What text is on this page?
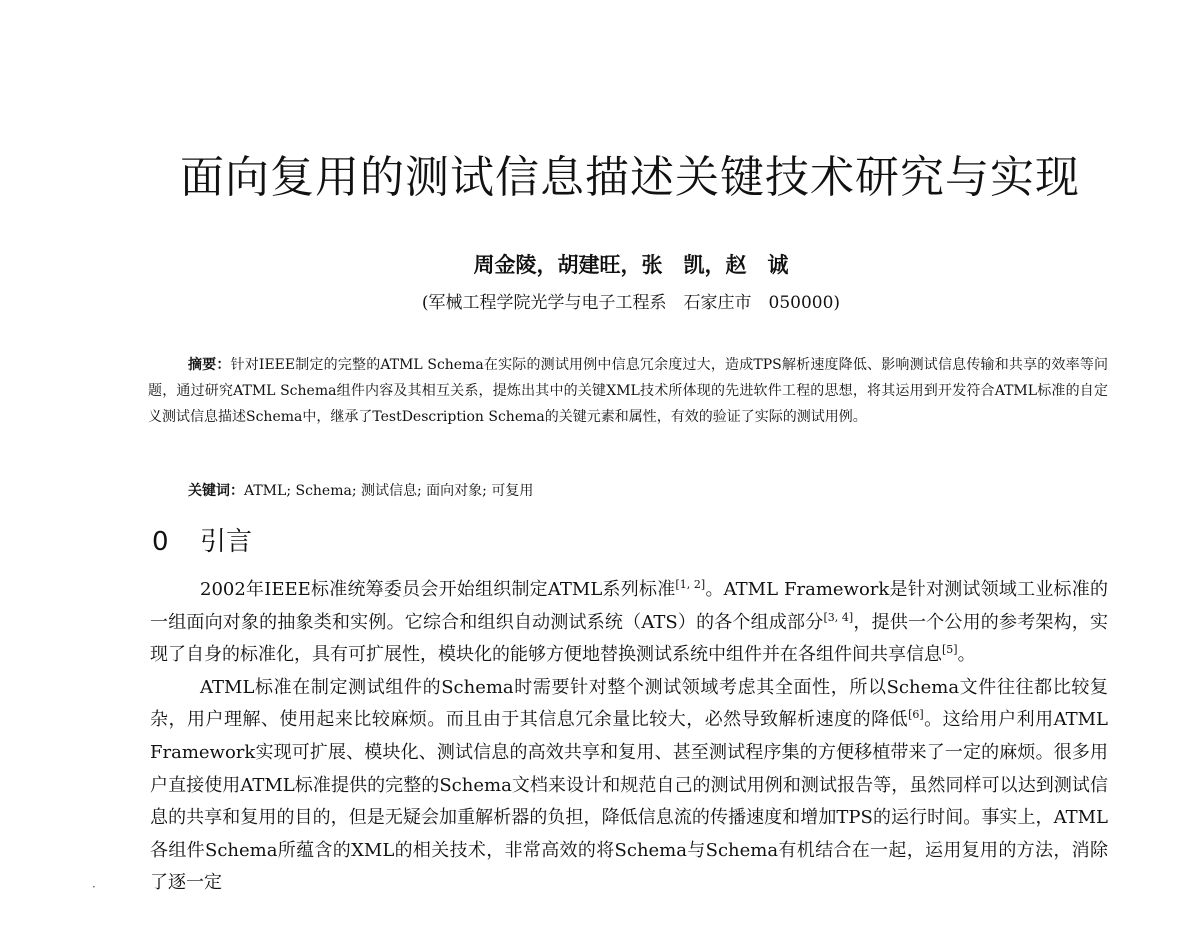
面向复用的测试信息描述关键技术研究与实现
周金陵，胡建旺，张　凯，赵　诚
(军械工程学院光学与电子工程系　石家庄市　050000)

摘要：针对IEEE制定的完整的ATML Schema在实际的测试用例中信息冗余度过大，造成TPS解析速度降低、影响测试信息传输和共享的效率等问题，通过研究ATML Schema组件内容及其相互关系，提炼出其中的关键XML技术所体现的先进软件工程的思想，将其运用到开发符合ATML标准的自定义测试信息描述Schema中，继承了TestDescription Schema的关键元素和属性，有效的验证了实际的测试用例。

关键词：ATML; Schema; 测试信息; 面向对象; 可复用
0 引言

2002年IEEE标准统筹委员会开始组织制定ATML系列标准[1, 2]。ATML Framework是针对测试领域工业标准的一组面向对象的抽象类和实例。它综合和组织自动测试系统（ATS）的各个组成部分[3, 4]，提供一个公用的参考架构，实现了自身的标准化，具有可扩展性，模块化的能够方便地替换测试系统中组件并在各组件间共享信息[5]。

ATML标准在制定测试组件的Schema时需要针对整个测试领域考虑其全面性，所以Schema文件往往都比较复杂，用户理解、使用起来比较麻烦。而且由于其信息冗余量比较大，必然导致解析速度的降低[6]。这给用户利用ATML Framework实现可扩展、模块化、测试信息的高效共享和复用、甚至测试程序集的方便移植带来了一定的麻烦。很多用户直接使用ATML标准提供的完整的Schema文档来设计和规范自己的测试用例和测试报告等，虽然同样可以达到测试信息的共享和复用的目的，但是无疑会加重解析器的负担，降低信息流的传播速度和增加TPS的运行时间。事实上，ATML各组件Schema所蕴含的XML的相关技术，非常高效的将Schema与Schema有机结合在一起，运用复用的方法，消除了逐一定

·
